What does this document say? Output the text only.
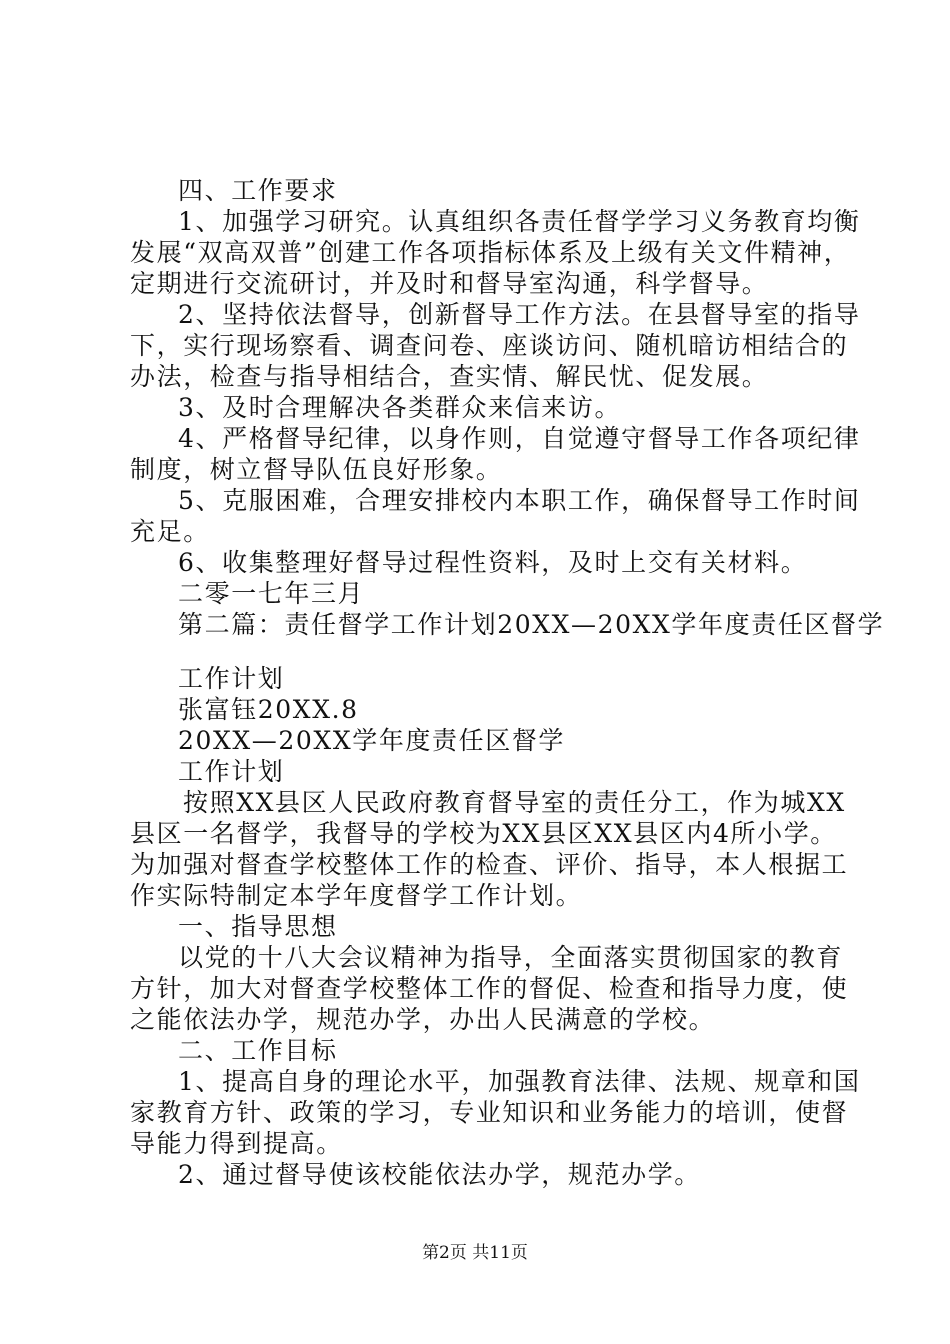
四、工作要求
1、加强学习研究。认真组织各责任督学学习义务教育均衡
发展“双高双普”创建工作各项指标体系及上级有关文件精神，
定期进行交流研讨，并及时和督导室沟通，科学督导。
2、坚持依法督导，创新督导工作方法。在县督导室的指导
下，实行现场察看、调查问卷、座谈访问、随机暗访相结合的
办法，检查与指导相结合，查实情、解民忧、促发展。
3、及时合理解决各类群众来信来访。
4、严格督导纪律，以身作则，自觉遵守督导工作各项纪律
制度，树立督导队伍良好形象。
5、克服困难，合理安排校内本职工作，确保督导工作时间
充足。
6、收集整理好督导过程性资料，及时上交有关材料。
二零一七年三月
第二篇：责任督学工作计划20XX—20XX学年度责任区督学
工作计划
张富钰20XX.8
20XX—20XX学年度责任区督学
工作计划
按照XX县区人民政府教育督导室的责任分工，作为城XX
县区一名督学，我督导的学校为XX县区XX县区内4所小学。
为加强对督查学校整体工作的检查、评价、指导，本人根据工
作实际特制定本学年度督学工作计划。
一、指导思想
以党的十八大会议精神为指导，全面落实贯彻国家的教育
方针，加大对督查学校整体工作的督促、检查和指导力度，使
之能依法办学，规范办学，办出人民满意的学校。
二、工作目标
1、提高自身的理论水平，加强教育法律、法规、规章和国
家教育方针、政策的学习，专业知识和业务能力的培训，使督
导能力得到提高。
2、通过督导使该校能依法办学，规范办学。
第2页 共11页
